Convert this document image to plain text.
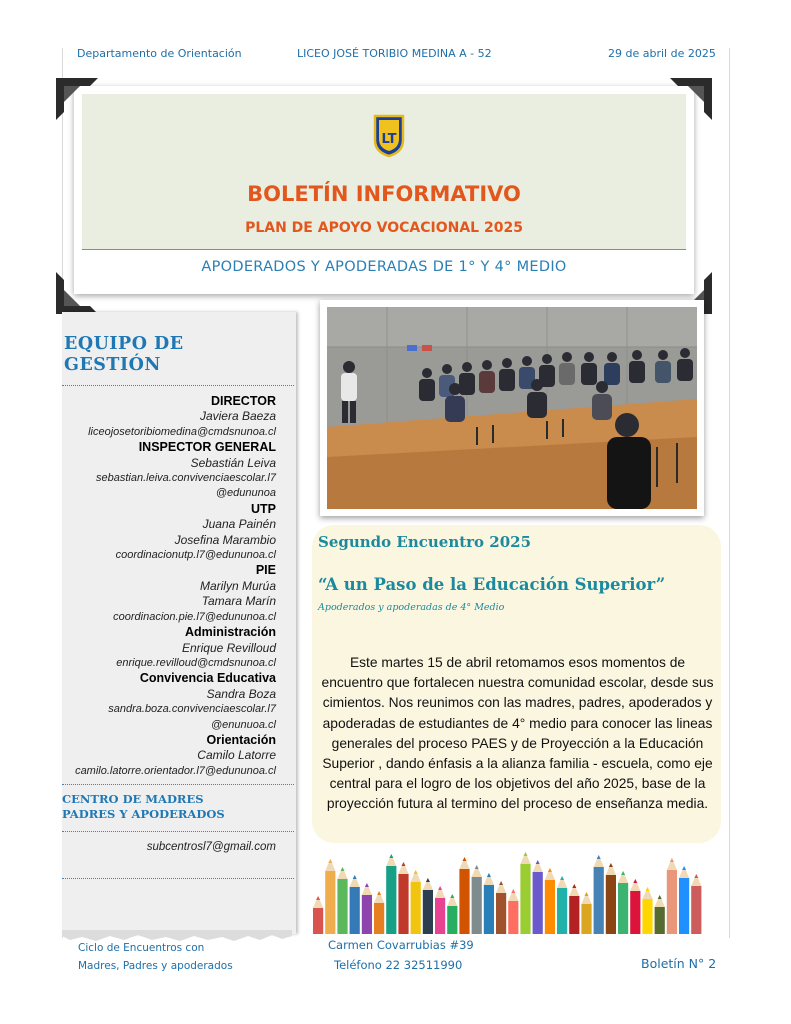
Departamento de Orientación	LICEO JOSÉ TORIBIO MEDINA A - 52	29 de abril de 2025
LT
BOLETÍN INFORMATIVO
PLAN DE APOYO VOCACIONAL 2025
APODERADOS Y APODERADAS DE 1° Y 4° MEDIO
EQUIPO DE
GESTIÓN
DIRECTOR
Javiera Baeza
liceojosetoribiomedina@cmdsnunoa.cl
INSPECTOR GENERAL
Sebastián Leiva
sebastian.leiva.convivenciaescolar.l7
@edununoa
UTP
Juana Painén
Josefina Marambio
coordinacionutp.l7@edununoa.cl
PIE
Marilyn Murúa
Tamara Marín
coordinacion.pie.l7@edununoa.cl
Administración
Enrique Revilloud
enrique.revilloud@cmdsnunoa.cl
Convivencia Educativa
Sandra Boza
sandra.boza.convivenciaescolar.l7
@enunuoa.cl
Orientación
Camilo Latorre
camilo.latorre.orientador.l7@edununoa.cl
CENTRO DE MADRES
PADRES Y APODERADOS
subcentrosl7@gmail.com
Segundo Encuentro 2025
“A un Paso de la Educación Superior”
Apoderados y apoderadas de 4° Medio
Este martes 15 de abril retomamos esos momentos de encuentro que fortalecen nuestra comunidad escolar, desde sus cimientos. Nos reunimos con las madres, padres, apoderados y apoderadas de estudiantes de 4° medio para conocer las lineas generales del proceso PAES y de Proyección a la Educación Superior , dando énfasis a la alianza familia - escuela, como eje central para el logro de los objetivos del año 2025, base de la proyección futura al termino del proceso de enseñanza media.
Ciclo de Encuentros con
Madres, Padres y apoderados
Carmen Covarrubias #39
Teléfono 22 32511990	Boletín N° 2
